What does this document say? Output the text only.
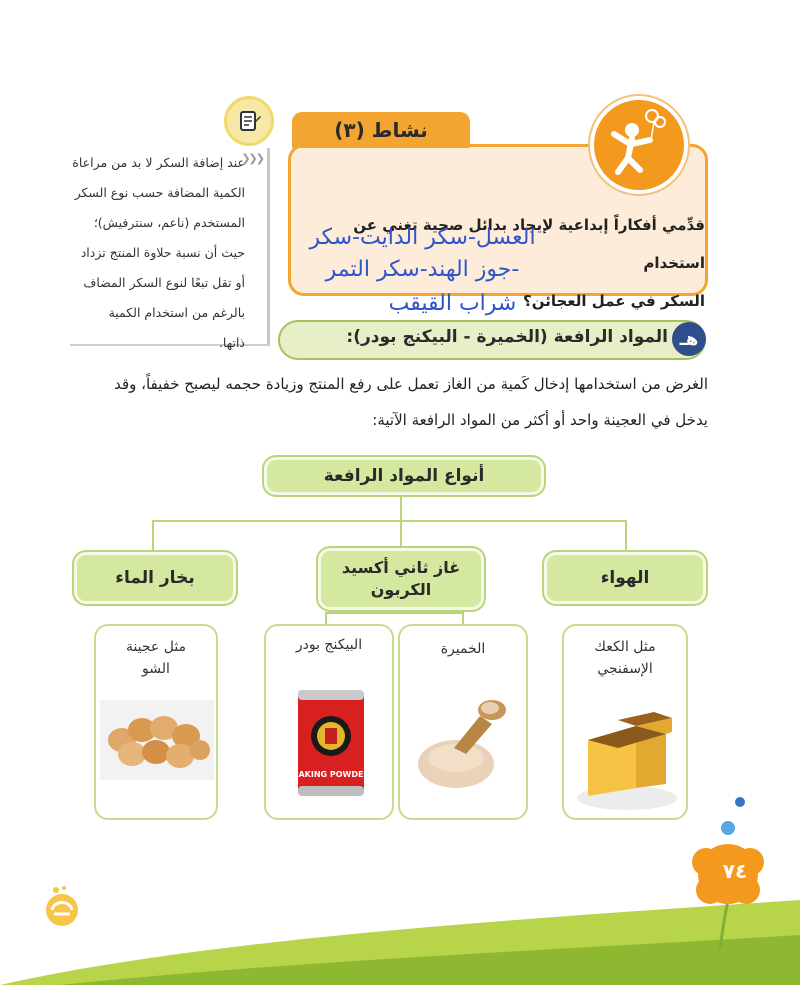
❯❯❯
عند إضافة السكر لا بد من مراعاة
الكمية المضافة حسب نوع السكر
المستخدم (ناعم، سنترفيش)؛
حيث أن نسبة حلاوة المنتج تزداد
أو تقل تبعًا لنوع السكر المضاف
بالرغم من استخدام الكمية
ذاتها.
نشاط (٣)
قدِّمي أفكاراً إبداعية لإيجاد بدائل صحية تغني عن استخدام
السكر في عمل العجائن؟
العسل-سكر الدايت-سكر
جوز الهند-سكر التمر-
شراب القيقب
هـ
المواد الرافعة (الخميرة - البيكنج بودر):
الغرض من استخدامها إدخال كَمية من الغاز تعمل على رفع المنتج وزيادة حجمه ليصبح خفيفاً، وقد
يدخل في العجينة واحد أو أكثر من المواد الرافعة الآتية:
أنواع المواد الرافعة
الهواء
غاز ثاني أكسيد الكربون
بخار الماء
مثل الكعك الإسفنجي
الخميرة
البيكنج بودر
BAKING POWDER
مثل عجينة الشو
٧٤
